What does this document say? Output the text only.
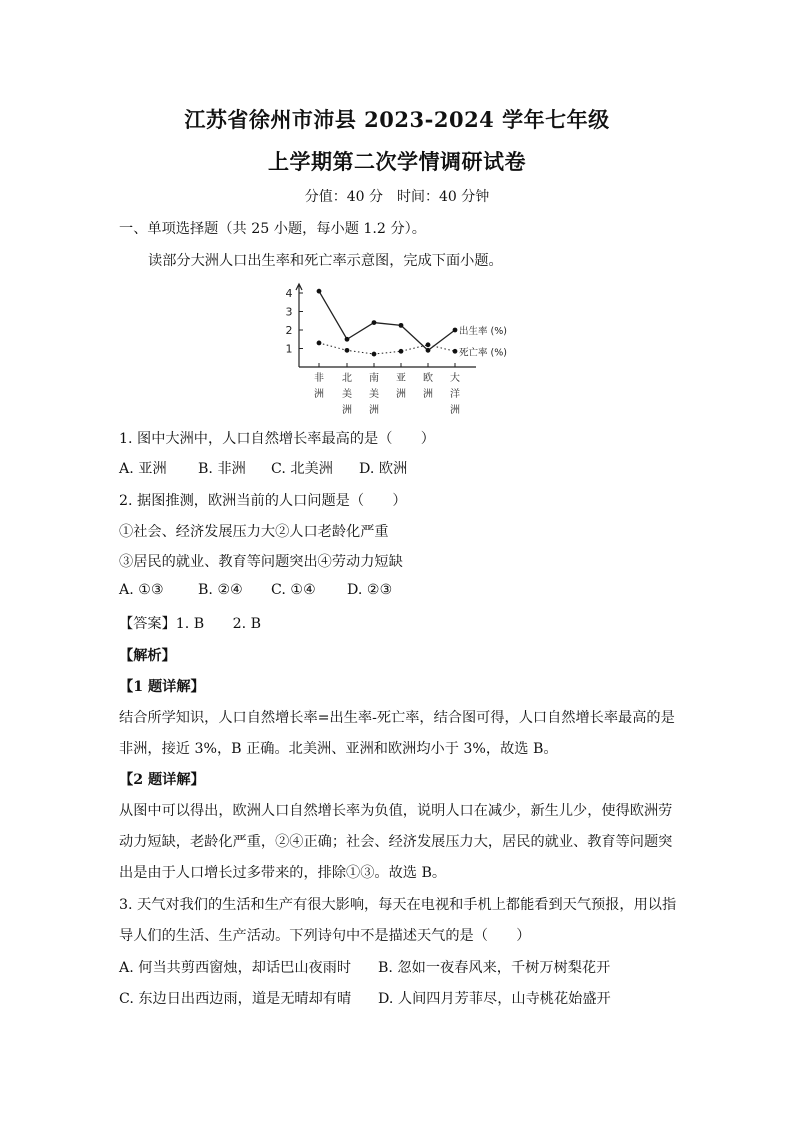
江苏省徐州市沛县 2023-2024 学年七年级
上学期第二次学情调研试卷
分值：40 分　时间：40 分钟
一、单项选择题（共 25 小题，每小题 1.2 分）。
读部分大洲人口出生率和死亡率示意图，完成下面小题。
1
2
3
4
非
洲
北
美
洲
南
美
洲
亚
洲
欧
洲
大
洋
洲
出生率 (%)
死亡率 (%)
1. 图中大洲中，人口自然增长率最高的是（　　）
A. 亚洲 B. 非洲 C. 北美洲 D. 欧洲
2. 据图推测，欧洲当前的人口问题是（　　）
①社会、经济发展压力大②人口老龄化严重
③居民的就业、教育等问题突出④劳动力短缺
A. ①③ B. ②④ C. ①④ D. ②③
【答案】1. B　　2. B
【解析】
【1 题详解】
结合所学知识，人口自然增长率=出生率-死亡率，结合图可得，人口自然增长率最高的是
非洲，接近 3%，B 正确。北美洲、亚洲和欧洲均小于 3%，故选 B。
【2 题详解】
从图中可以得出，欧洲人口自然增长率为负值，说明人口在减少，新生儿少，使得欧洲劳
动力短缺，老龄化严重，②④正确；社会、经济发展压力大，居民的就业、教育等问题突
出是由于人口增长过多带来的，排除①③。故选 B。
3. 天气对我们的生活和生产有很大影响，每天在电视和手机上都能看到天气预报，用以指
导人们的生活、生产活动。下列诗句中不是描述天气的是（　　）
A. 何当共剪西窗烛，却话巴山夜雨时 B. 忽如一夜春风来，千树万树梨花开
C. 东边日出西边雨，道是无晴却有晴 D. 人间四月芳菲尽，山寺桃花始盛开
